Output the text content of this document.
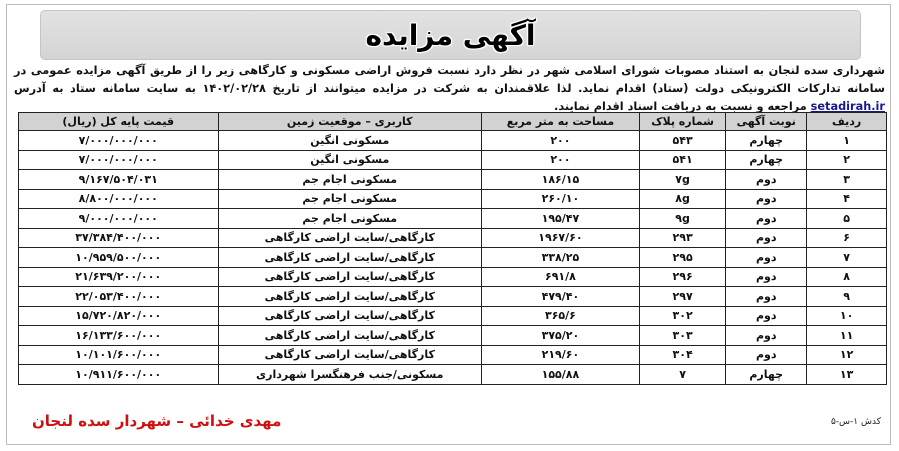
آگهی مزایده
شهرداری سده لنجان به استناد مصوبات شورای اسلامی شهر در نظر دارد نسبت فروش اراضی مسکونی و کارگاهی زیر را از طریق آگهی مزایده عمومی در سامانه تدارکات الکترونیکی دولت (ستاد) اقدام نماید. لذا علاقمندان به شرکت در مزایده میتوانند از تاریخ ۱۴۰۲/۰۲/۲۸ به سایت سامانه ستاد به آدرس setadirah.ir مراجعه و نسبت به دریافت اسناد اقدام نمایند.
ردیف	نوبت آگهی	شماره پلاک	مساحت به متر مربع	کاربری – موقعیت زمین	قیمت پایه کل (ریال)
۱	چهارم	۵۴۳	۲۰۰	مسکونی انگین	۷/۰۰۰/۰۰۰/۰۰۰
۲	چهارم	۵۴۱	۲۰۰	مسکونی انگین	۷/۰۰۰/۰۰۰/۰۰۰
۳	دوم	۷g	۱۸۶/۱۵	مسکونی اجام جم	۹/۱۶۷/۵۰۴/۰۳۱
۴	دوم	۸g	۲۶۰/۱۰	مسکونی اجام جم	۸/۸۰۰/۰۰۰/۰۰۰
۵	دوم	۹g	۱۹۵/۴۷	مسکونی اجام جم	۹/۰۰۰/۰۰۰/۰۰۰
۶	دوم	۲۹۳	۱۹۶۷/۶۰	کارگاهی/سایت اراضی کارگاهی	۳۷/۳۸۴/۴۰۰/۰۰۰
۷	دوم	۲۹۵	۳۳۸/۲۵	کارگاهی/سایت اراضی کارگاهی	۱۰/۹۵۹/۵۰۰/۰۰۰
۸	دوم	۲۹۶	۶۹۱/۸	کارگاهی/سایت اراضی کارگاهی	۲۱/۶۳۹/۲۰۰/۰۰۰
۹	دوم	۲۹۷	۴۷۹/۴۰	کارگاهی/سایت اراضی کارگاهی	۲۲/۰۵۳/۴۰۰/۰۰۰
۱۰	دوم	۳۰۲	۳۶۵/۶	کارگاهی/سایت اراضی کارگاهی	۱۵/۷۲۰/۸۲۰/۰۰۰
۱۱	دوم	۳۰۳	۳۷۵/۲۰	کارگاهی/سایت اراضی کارگاهی	۱۶/۱۳۳/۶۰۰/۰۰۰
۱۲	دوم	۳۰۴	۲۱۹/۶۰	کارگاهی/سایت اراضی کارگاهی	۱۰/۱۰۱/۶۰۰/۰۰۰
۱۳	چهارم	۷	۱۵۵/۸۸	مسکونی/جنب فرهنگسرا شهرداری	۱۰/۹۱۱/۶۰۰/۰۰۰
مهدی خدائی – شهردار سده لنجان	کدش ۱-س-۵
